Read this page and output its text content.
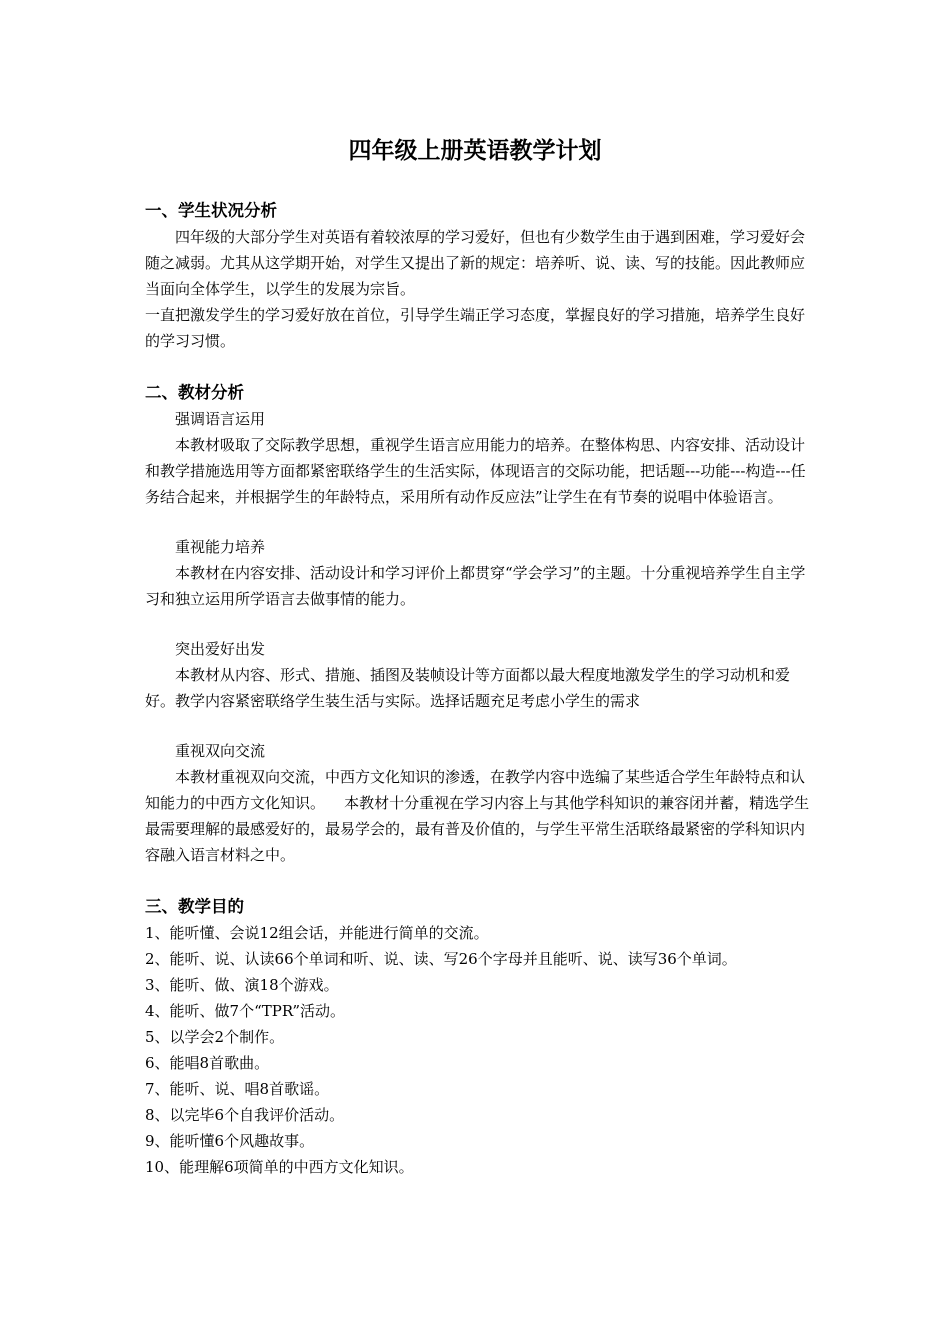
四年级上册英语教学计划
一、学生状况分析

四年级的大部分学生对英语有着较浓厚的学习爱好，但也有少数学生由于遇到困难，学习爱好会随之减弱。尤其从这学期开始，对学生又提出了新的规定：培养听、说、读、写的技能。因此教师应当面向全体学生，以学生的发展为宗旨。

一直把激发学生的学习爱好放在首位，引导学生端正学习态度，掌握良好的学习措施，培养学生良好的学习习惯。

二、教材分析

强调语言运用

本教材吸取了交际教学思想，重视学生语言应用能力的培养。在整体构思、内容安排、活动设计和教学措施选用等方面都紧密联络学生的生活实际，体现语言的交际功能，把话题---功能---构造---任务结合起来，并根据学生的年龄特点，采用所有动作反应法”让学生在有节奏的说唱中体验语言。

重视能力培养

本教材在内容安排、活动设计和学习评价上都贯穿“学会学习”的主题。十分重视培养学生自主学习和独立运用所学语言去做事情的能力。

突出爱好出发

本教材从内容、形式、措施、插图及装帧设计等方面都以最大程度地激发学生的学习动机和爱好。教学内容紧密联络学生装生活与实际。选择话题充足考虑小学生的需求

重视双向交流

本教材重视双向交流，中西方文化知识的渗透，在教学内容中选编了某些适合学生年龄特点和认知能力的中西方文化知识。    本教材十分重视在学习内容上与其他学科知识的兼容闭并蓄，精选学生最需要理解的最感爱好的，最易学会的，最有普及价值的，与学生平常生活联络最紧密的学科知识内容融入语言材料之中。

三、教学目的

1、能听懂、会说12组会话，并能进行简单的交流。

2、能听、说、认读66个单词和听、说、读、写26个字母并且能听、说、读写36个单词。

3、能听、做、演18个游戏。

4、能听、做7个“TPR”活动。

5、以学会2个制作。

6、能唱8首歌曲。

7、能听、说、唱8首歌谣。

8、以完毕6个自我评价活动。

9、能听懂6个风趣故事。

10、能理解6项简单的中西方文化知识。
